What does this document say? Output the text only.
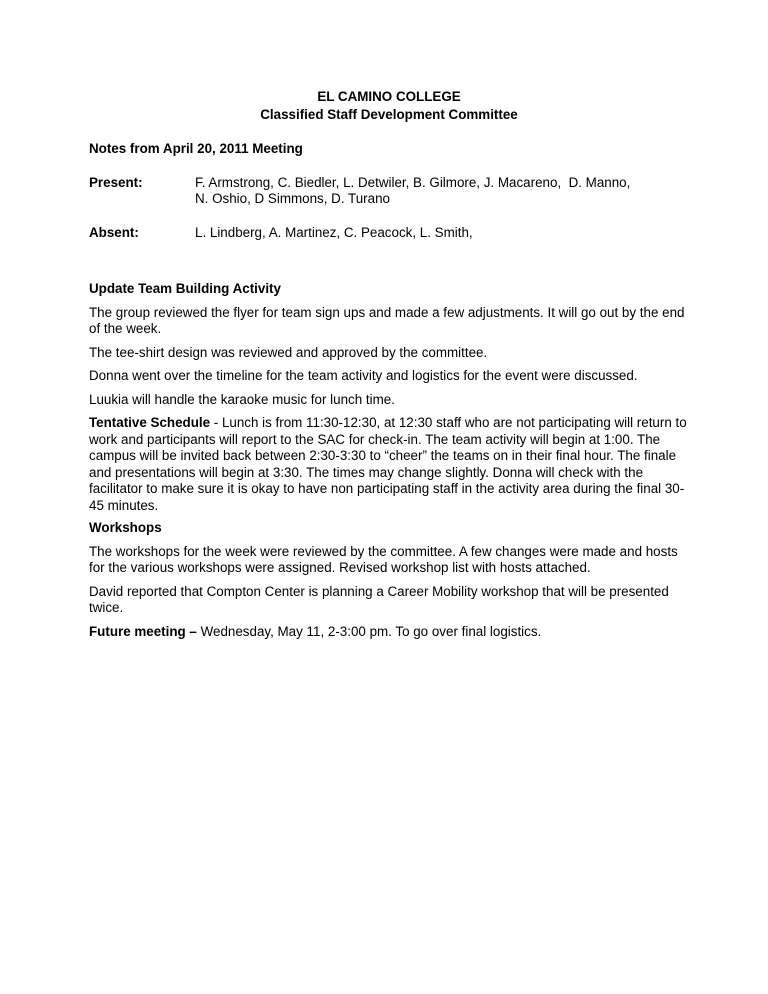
EL CAMINO COLLEGE

Classified Staff Development Committee

Notes from April 20, 2011 Meeting

Present:	F. Armstrong, C. Biedler, L. Detwiler, B. Gilmore, J. Macareno,  D. Manno,
N. Oshio, D Simmons, D. Turano
Absent:	L. Lindberg, A. Martinez, C. Peacock, L. Smith,

Update Team Building Activity

The group reviewed the flyer for team sign ups and made a few adjustments. It will go out by the end of the week.

The tee-shirt design was reviewed and approved by the committee.

Donna went over the timeline for the team activity and logistics for the event were discussed.

Luukia will handle the karaoke music for lunch time.

Tentative Schedule - Lunch is from 11:30-12:30, at 12:30 staff who are not participating will return to work and participants will report to the SAC for check-in. The team activity will begin at 1:00. The campus will be invited back between 2:30-3:30 to “cheer” the teams on in their final hour. The finale and presentations will begin at 3:30. The times may change slightly. Donna will check with the facilitator to make sure it is okay to have non participating staff in the activity area during the final 30-45 minutes.

Workshops

The workshops for the week were reviewed by the committee. A few changes were made and hosts for the various workshops were assigned. Revised workshop list with hosts attached.

David reported that Compton Center is planning a Career Mobility workshop that will be presented twice.

Future meeting – Wednesday, May 11, 2-3:00 pm. To go over final logistics.
